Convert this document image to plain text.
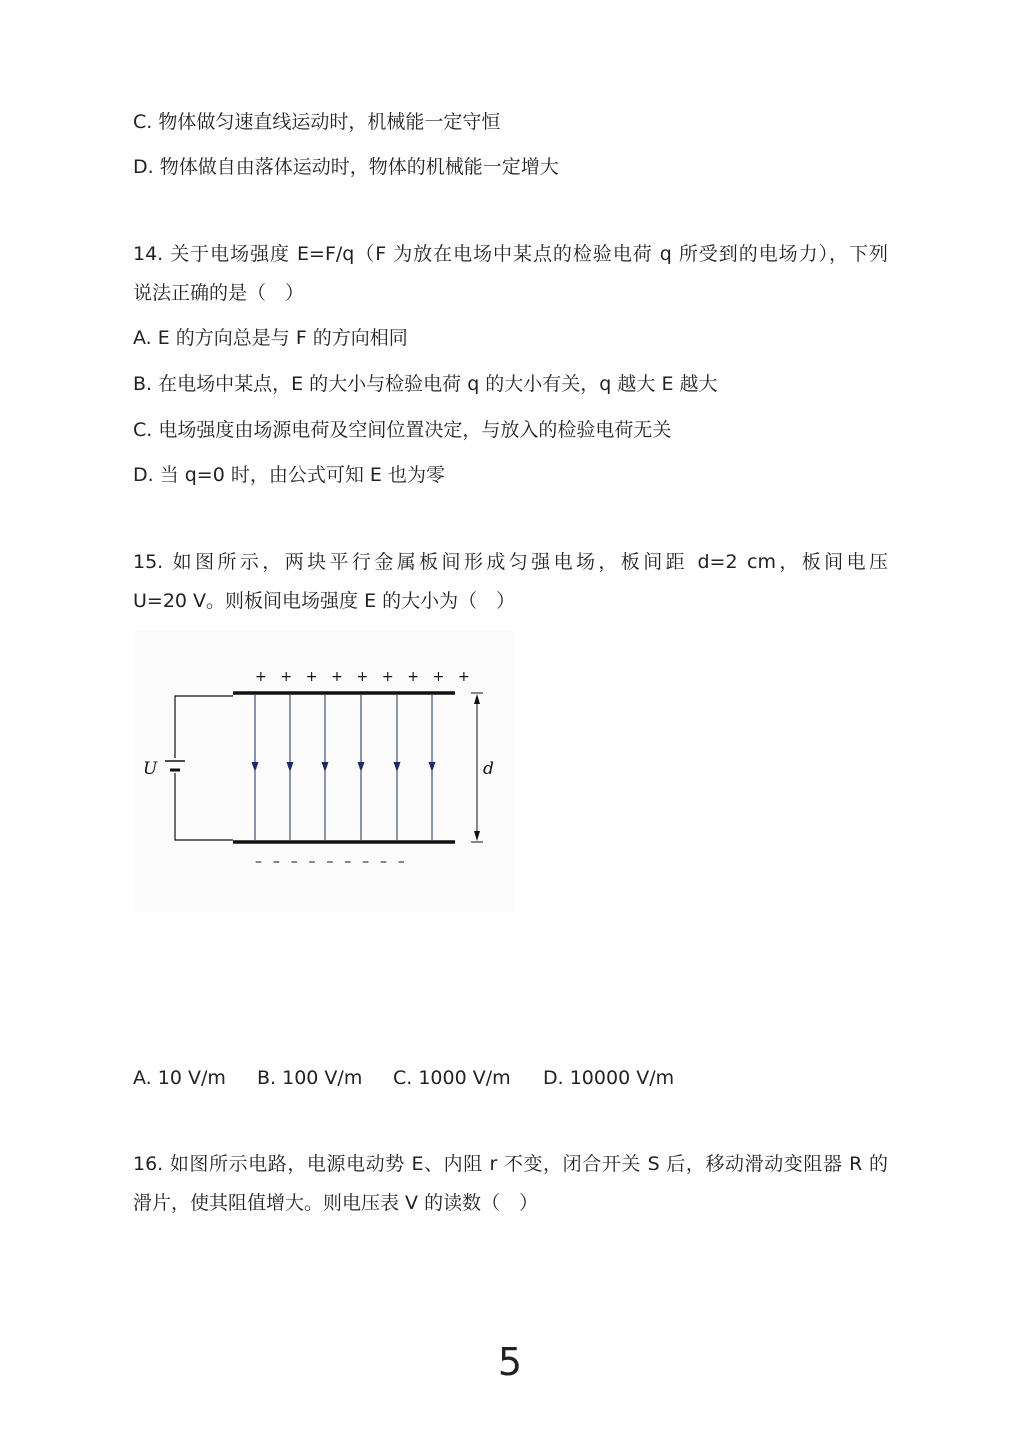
C. 物体做匀速直线运动时，机械能一定守恒
D. 物体做自由落体运动时，物体的机械能一定增大
14. 关于电场强度 E=F/q（F 为放在电场中某点的检验电荷 q 所受到的电场力），下列
说法正确的是（　）
A. E 的方向总是与 F 的方向相同
B. 在电场中某点，E 的大小与检验电荷 q 的大小有关，q 越大 E 越大
C. 电场强度由场源电荷及空间位置决定，与放入的检验电荷无关
D. 当 q=0 时，由公式可知 E 也为零
15. 如图所示，两块平行金属板间形成匀强电场，板间距 d=2 cm，板间电压
U=20 V。则板间电场强度 E 的大小为（　）
+ + + + + + + + +
– – – – – – – – –
U	d
A. 10 V/m B. 100 V/m C. 1000 V/m D. 10000 V/m
16. 如图所示电路，电源电动势 E、内阻 r 不变，闭合开关 S 后，移动滑动变阻器 R 的
滑片，使其阻值增大。则电压表 V 的读数（　）
5
